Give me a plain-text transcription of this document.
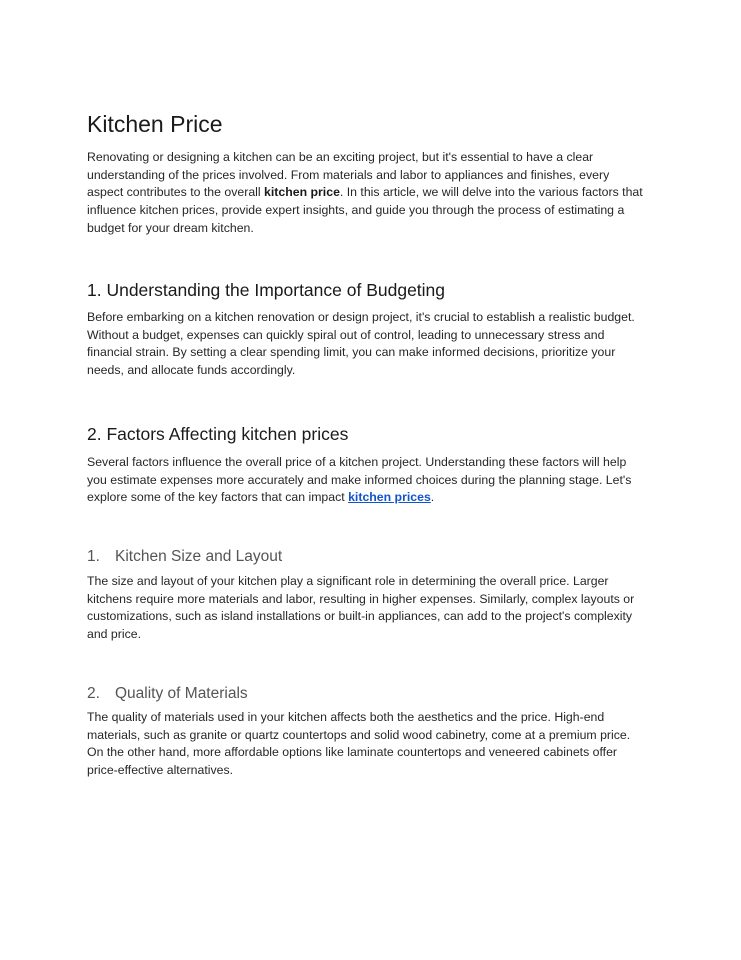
Kitchen Price

Renovating or designing a kitchen can be an exciting project, but it's essential to have a clear understanding of the prices involved. From materials and labor to appliances and finishes, every aspect contributes to the overall kitchen price. In this article, we will delve into the various factors that influence kitchen prices, provide expert insights, and guide you through the process of estimating a budget for your dream kitchen.

1. Understanding the Importance of Budgeting

Before embarking on a kitchen renovation or design project, it's crucial to establish a realistic budget. Without a budget, expenses can quickly spiral out of control, leading to unnecessary stress and financial strain. By setting a clear spending limit, you can make informed decisions, prioritize your needs, and allocate funds accordingly.

2. Factors Affecting kitchen prices

Several factors influence the overall price of a kitchen project. Understanding these factors will help you estimate expenses more accurately and make informed choices during the planning stage. Let's explore some of the key factors that can impact kitchen prices.

1. Kitchen Size and Layout

The size and layout of your kitchen play a significant role in determining the overall price. Larger kitchens require more materials and labor, resulting in higher expenses. Similarly, complex layouts or customizations, such as island installations or built-in appliances, can add to the project's complexity and price.

2. Quality of Materials

The quality of materials used in your kitchen affects both the aesthetics and the price. High-end materials, such as granite or quartz countertops and solid wood cabinetry, come at a premium price. On the other hand, more affordable options like laminate countertops and veneered cabinets offer price-effective alternatives.
